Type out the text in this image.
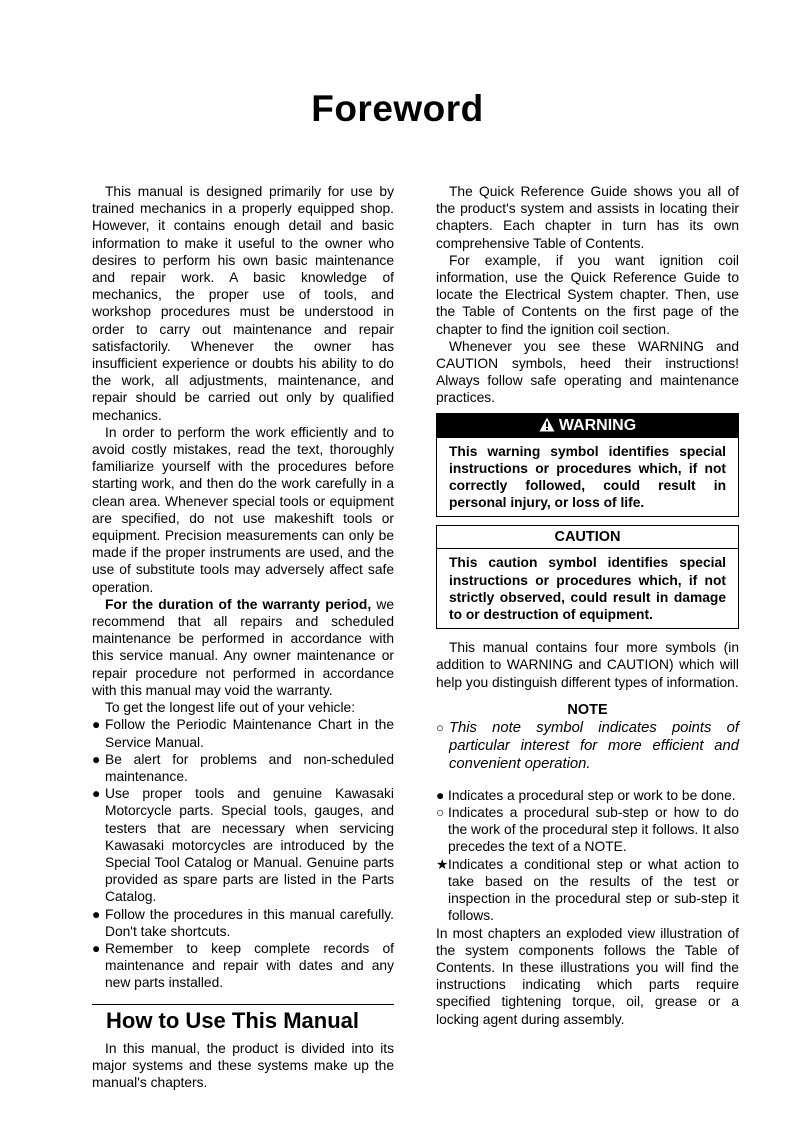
Foreword

This manual is designed primarily for use by trained mechanics in a properly equipped shop. However, it contains enough detail and basic information to make it useful to the owner who desires to perform his own basic maintenance and repair work. A basic knowledge of mechanics, the proper use of tools, and workshop procedures must be understood in order to carry out maintenance and repair satisfactorily. Whenever the owner has insufficient experience or doubts his ability to do the work, all adjustments, maintenance, and repair should be carried out only by qualified mechanics.

In order to perform the work efficiently and to avoid costly mistakes, read the text, thoroughly familiarize yourself with the procedures before starting work, and then do the work carefully in a clean area. Whenever special tools or equipment are specified, do not use makeshift tools or equipment. Precision measurements can only be made if the proper instruments are used, and the use of substitute tools may adversely affect safe operation.

For the duration of the warranty period, we recommend that all repairs and scheduled maintenance be performed in accordance with this service manual. Any owner maintenance or repair procedure not performed in accordance with this manual may void the warranty.

To get the longest life out of your vehicle:

● Follow the Periodic Maintenance Chart in the Service Manual.
● Be alert for problems and non-scheduled maintenance.
● Use proper tools and genuine Kawasaki Motorcycle parts. Special tools, gauges, and testers that are necessary when servicing Kawasaki motorcycles are introduced by the Special Tool Catalog or Manual. Genuine parts provided as spare parts are listed in the Parts Catalog.
● Follow the procedures in this manual carefully. Don't take shortcuts.
● Remember to keep complete records of maintenance and repair with dates and any new parts installed.
How to Use This Manual

In this manual, the product is divided into its major systems and these systems make up the manual's chapters.

The Quick Reference Guide shows you all of the product's system and assists in locating their chapters. Each chapter in turn has its own comprehensive Table of Contents.

For example, if you want ignition coil information, use the Quick Reference Guide to locate the Electrical System chapter. Then, use the Table of Contents on the first page of the chapter to find the ignition coil section.

Whenever you see these WARNING and CAUTION symbols, heed their instructions! Always follow safe operating and maintenance practices.

WARNING
This warning symbol identifies special instructions or procedures which, if not correctly followed, could result in personal injury, or loss of life.
CAUTION
This caution symbol identifies special instructions or procedures which, if not strictly observed, could result in damage to or destruction of equipment.

This manual contains four more symbols (in addition to WARNING and CAUTION) which will help you distinguish different types of information.

NOTE
○ This note symbol indicates points of particular interest for more efficient and convenient operation.
● Indicates a procedural step or work to be done.
○ Indicates a procedural sub-step or how to do the work of the procedural step it follows. It also precedes the text of a NOTE.
★ Indicates a conditional step or what action to take based on the results of the test or inspection in the procedural step or sub-step it follows.

In most chapters an exploded view illustration of the system components follows the Table of Contents. In these illustrations you will find the instructions indicating which parts require specified tightening torque, oil, grease or a locking agent during assembly.
